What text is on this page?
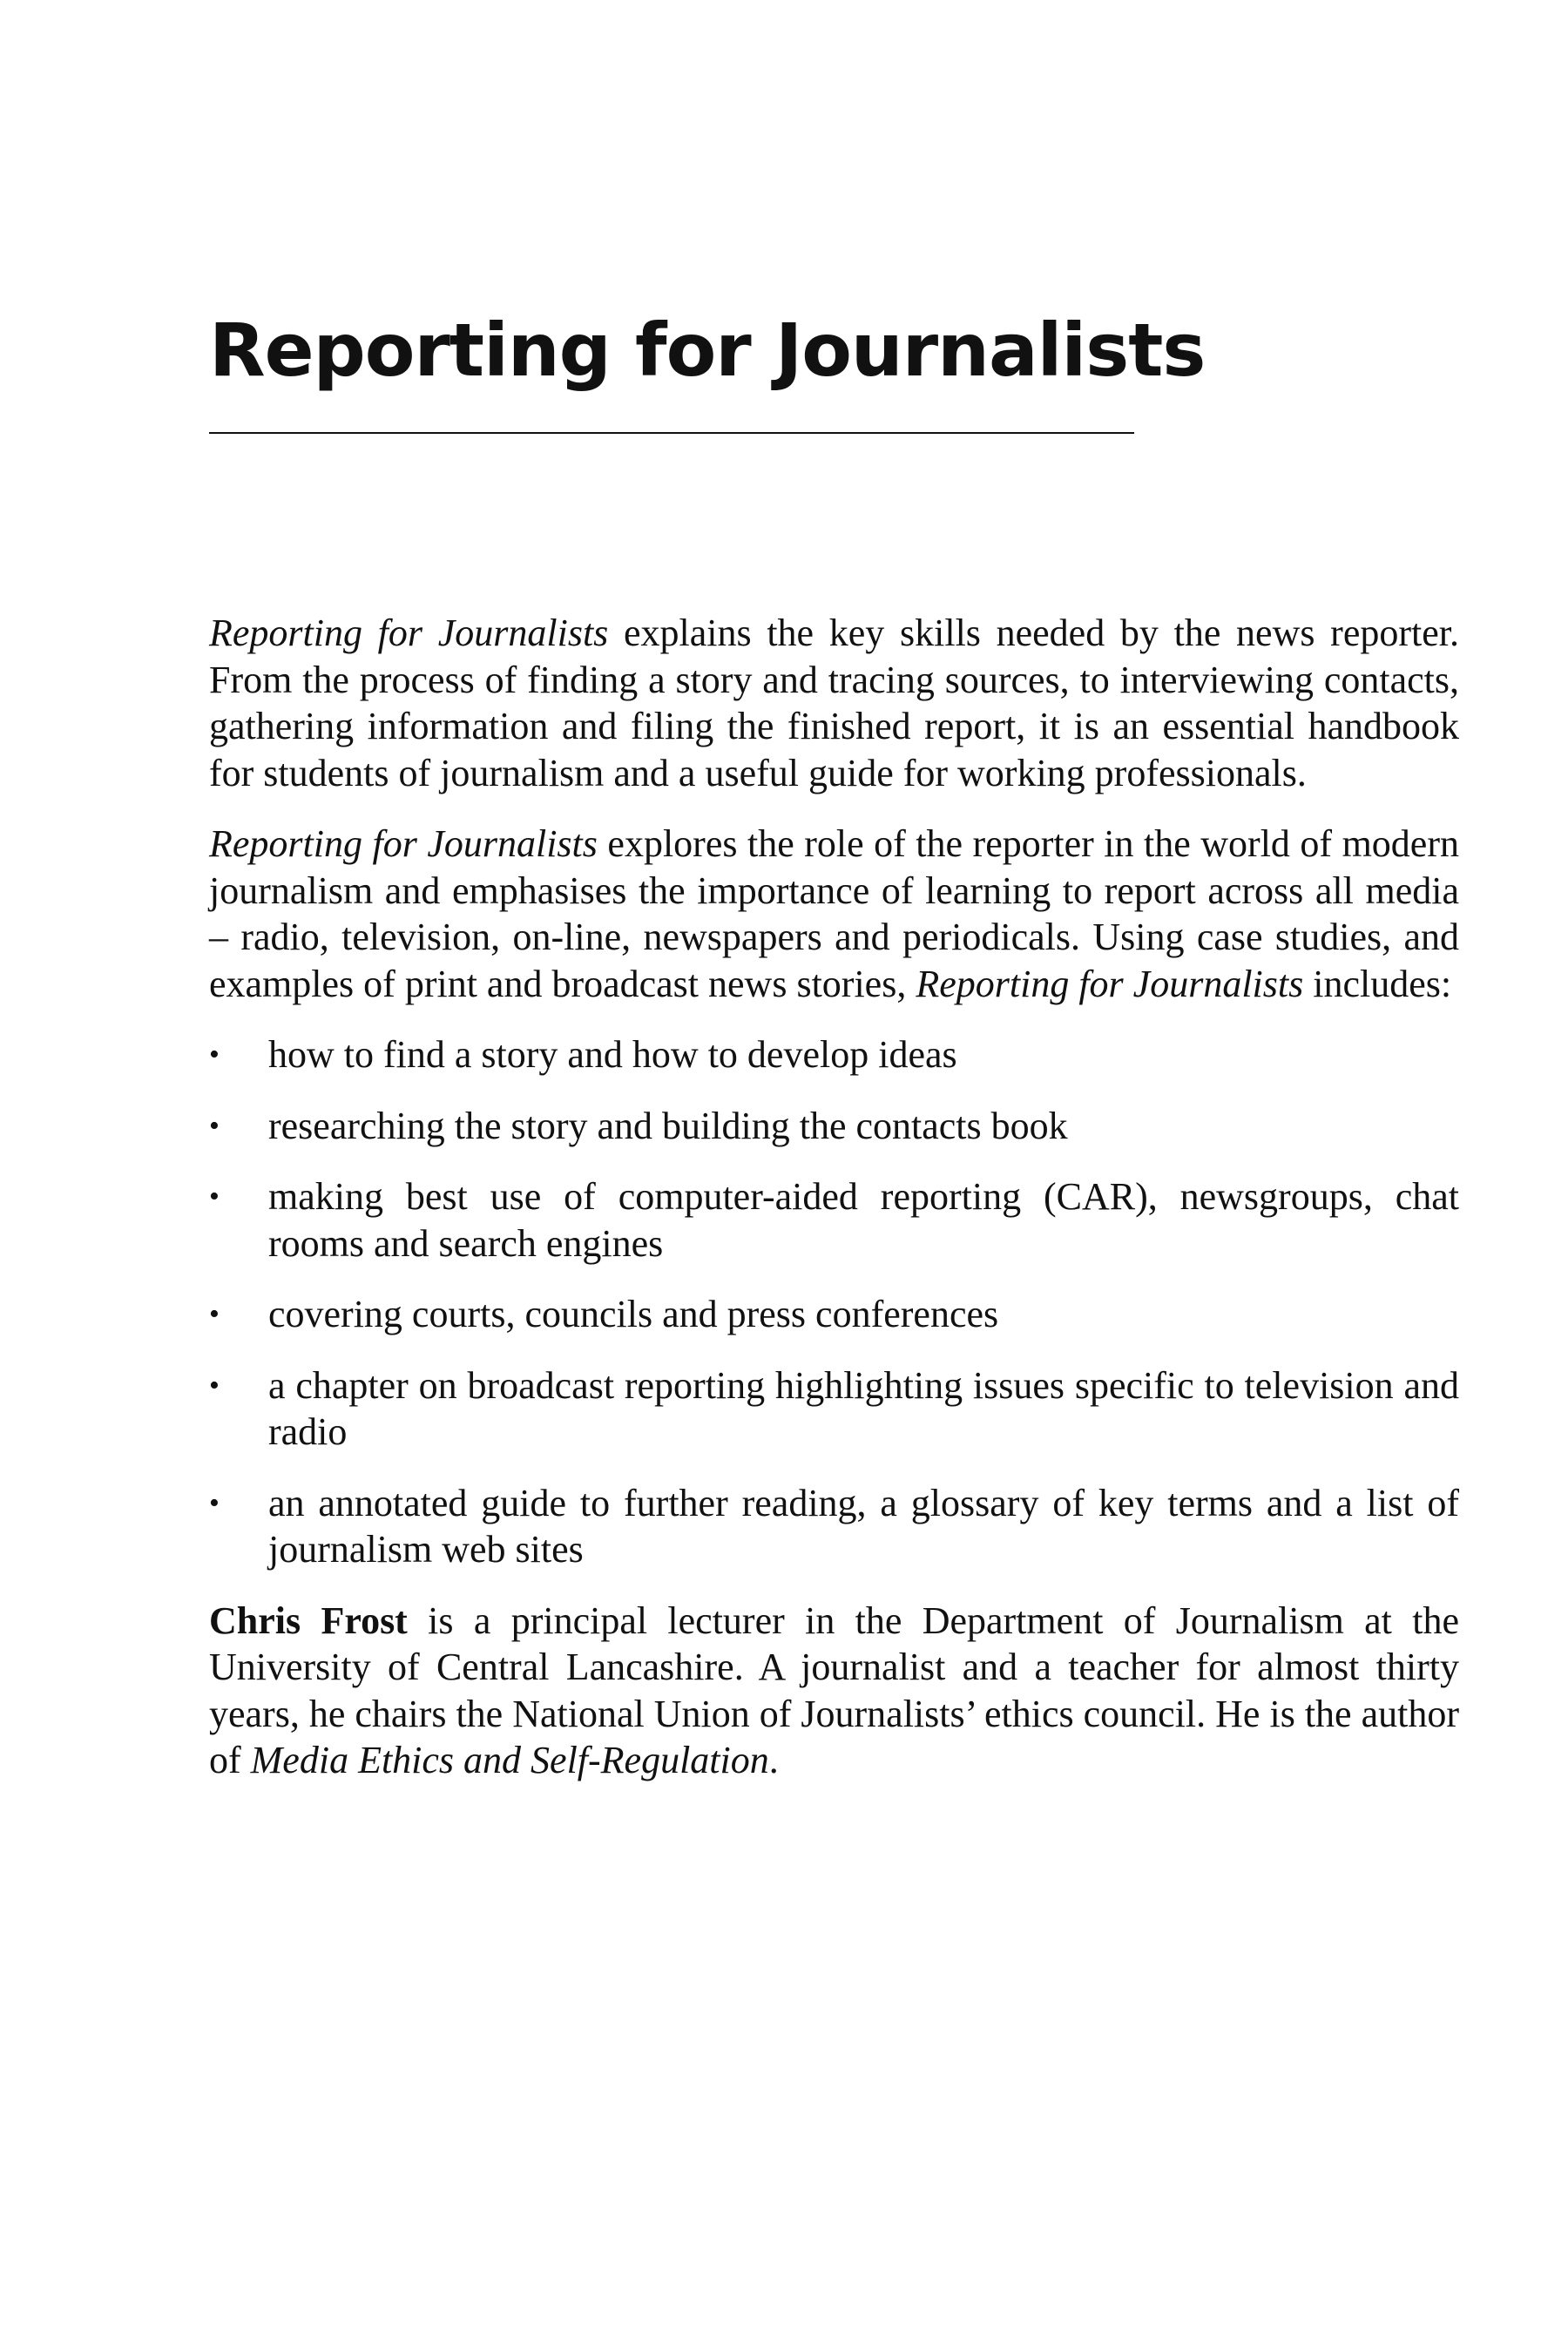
Reporting for Journalists

Reporting for Journalists explains the key skills needed by the news reporter. From the process of finding a story and tracing sources, to interviewing contacts, gathering information and filing the finished report, it is an essential handbook for students of journalism and a useful guide for working professionals.

Reporting for Journalists explores the role of the reporter in the world of modern journalism and emphasises the importance of learning to report across all media – radio, television, on-line, newspapers and periodicals. Using case studies, and examples of print and broadcast news stories, Reporting for Journalists includes:

• how to find a story and how to develop ideas
• researching the story and building the contacts book
• making best use of computer-aided reporting (CAR), newsgroups, chat rooms and search engines
• covering courts, councils and press conferences
• a chapter on broadcast reporting highlighting issues specific to television and radio
• an annotated guide to further reading, a glossary of key terms and a list of journalism web sites

Chris Frost is a principal lecturer in the Department of Journalism at the University of Central Lancashire. A journalist and a teacher for almost thirty years, he chairs the National Union of Journalists’ ethics council. He is the author of Media Ethics and Self-Regulation.
